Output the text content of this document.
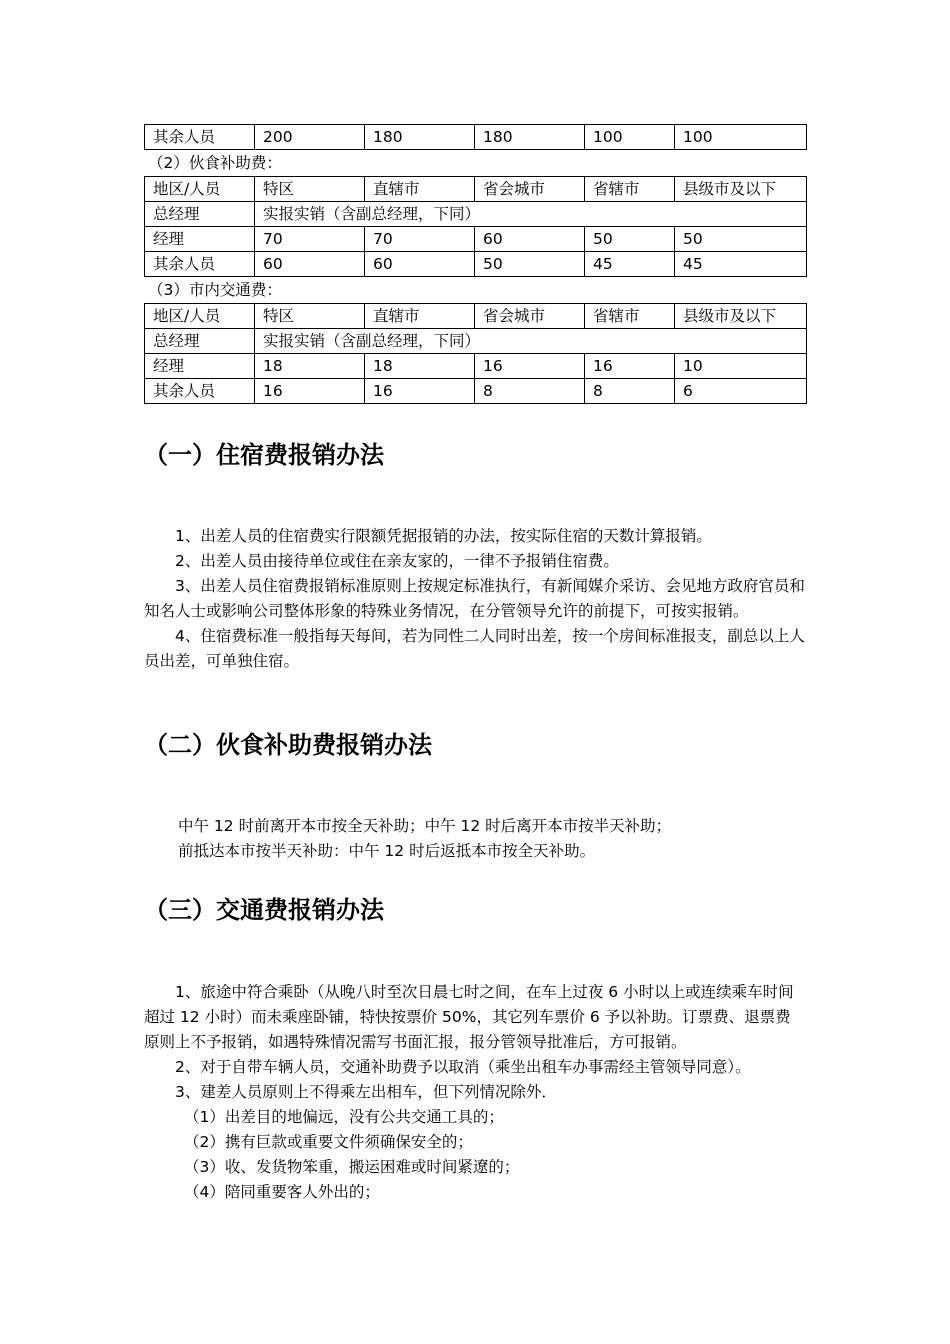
其余人员	200	180	180	100	100
（2）伙食补助费：
地区/人员	特区	直辖市	省会城市	省辖市	县级市及以下
总经理	实报实销（含副总经理，下同）				
经理	70	70	60	50	50
其余人员	60	60	50	45	45
（3）市内交通费：
地区/人员	特区	直辖市	省会城市	省辖市	县级市及以下
总经理	实报实销（含副总经理，下同）				
经理	18	18	16	16	10
其余人员	16	16	8	8	6
（一）住宿费报销办法

1、出差人员的住宿费实行限额凭据报销的办法，按实际住宿的天数计算报销。

2、出差人员由接待单位或住在亲友家的，一律不予报销住宿费。

3、出差人员住宿费报销标准原则上按规定标准执行，有新闻媒介采访、会见地方政府官员和知名人士或影响公司整体形象的特殊业务情况，在分管领导允许的前提下，可按实报销。

4、住宿费标准一般指每天每间，若为同性二人同时出差，按一个房间标准报支，副总以上人员出差，可单独住宿。

（二）伙食补助费报销办法

中午 12 时前离开本市按全天补助；中午 12 时后离开本市按半天补助；

前抵达本市按半天补助：中午 12 时后返抵本市按全天补助。

（三）交通费报销办法

1、旅途中符合乘卧（从晚八时至次日晨七时之间，在车上过夜 6 小时以上或连续乘车时间超过 12 小时）而未乘座卧铺，特快按票价 50%，其它列车票价 6 予以补助。订票费、退票费原则上不予报销，如遇特殊情况需写书面汇报，报分管领导批准后，方可报销。

2、对于自带车辆人员，交通补助费予以取消（乘坐出租车办事需经主管领导同意）。

3、建差人员原则上不得乘左出相车，但下列情况除外．

（1）出差目的地偏远，没有公共交通工具的；

（2）携有巨款或重要文件须确保安全的；

（3）收、发货物笨重，搬运困难或时间紧遼的；

（4）陪同重要客人外出的；
